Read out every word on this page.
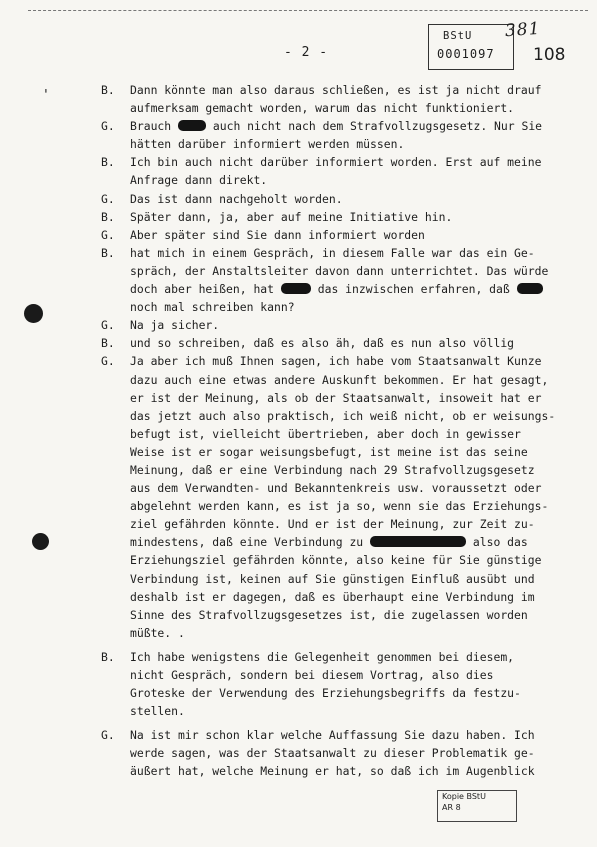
- 2 -
BStU
0001097
381
108
'	B. Dann könnte man also daraus schließen, es ist ja nicht drauf
aufmerksam gemacht worden, warum das nicht funktioniert.
G. Brauch  auch nicht nach dem Strafvollzugsgesetz. Nur Sie
hätten darüber informiert werden müssen.
B. Ich bin auch nicht darüber informiert worden. Erst auf meine
Anfrage dann direkt.
G. Das ist dann nachgeholt worden.
B. Später dann, ja, aber auf meine Initiative hin.
G. Aber später sind Sie dann informiert worden
B. hat mich in einem Gespräch, in diesem Falle war das ein Ge-
spräch, der Anstaltsleiter davon dann unterrichtet. Das würde
doch aber heißen, hat	das inzwischen erfahren, daß
noch mal schreiben kann?
G. Na ja sicher.
B. und so schreiben, daß es also äh, daß es nun also völlig
G. Ja aber ich muß Ihnen sagen, ich habe vom Staatsanwalt Kunze
dazu auch eine etwas andere Auskunft bekommen. Er hat gesagt,
er ist der Meinung, als ob der Staatsanwalt, insoweit hat er
das jetzt auch also praktisch, ich weiß nicht, ob er weisungs-
befugt ist, vielleicht übertrieben, aber doch in gewisser
Weise ist er sogar weisungsbefugt, ist meine ist das seine
Meinung, daß er eine Verbindung nach 29 Strafvollzugsgesetz
aus dem Verwandten- und Bekanntenkreis usw. voraussetzt oder
abgelehnt werden kann, es ist ja so, wenn sie das Erziehungs-
ziel gefährden könnte. Und er ist der Meinung, zur Zeit zu-
mindestens, daß eine Verbindung zu	also das
Erziehungsziel gefährden könnte, also keine für Sie günstige
Verbindung ist, keinen auf Sie günstigen Einfluß ausübt und
deshalb ist er dagegen, daß es überhaupt eine Verbindung im
Sinne des Strafvollzugsgesetzes ist, die zugelassen worden
müßte. .
B. Ich habe wenigstens die Gelegenheit genommen bei diesem,
nicht Gespräch, sondern bei diesem Vortrag, also dies
Groteske der Verwendung des Erziehungsbegriffs da festzu-
stellen.
G. Na ist mir schon klar welche Auffassung Sie dazu haben. Ich
werde sagen, was der Staatsanwalt zu dieser Problematik ge-
äußert hat, welche Meinung er hat, so daß ich im Augenblick
Kopie BStU
AR 8
